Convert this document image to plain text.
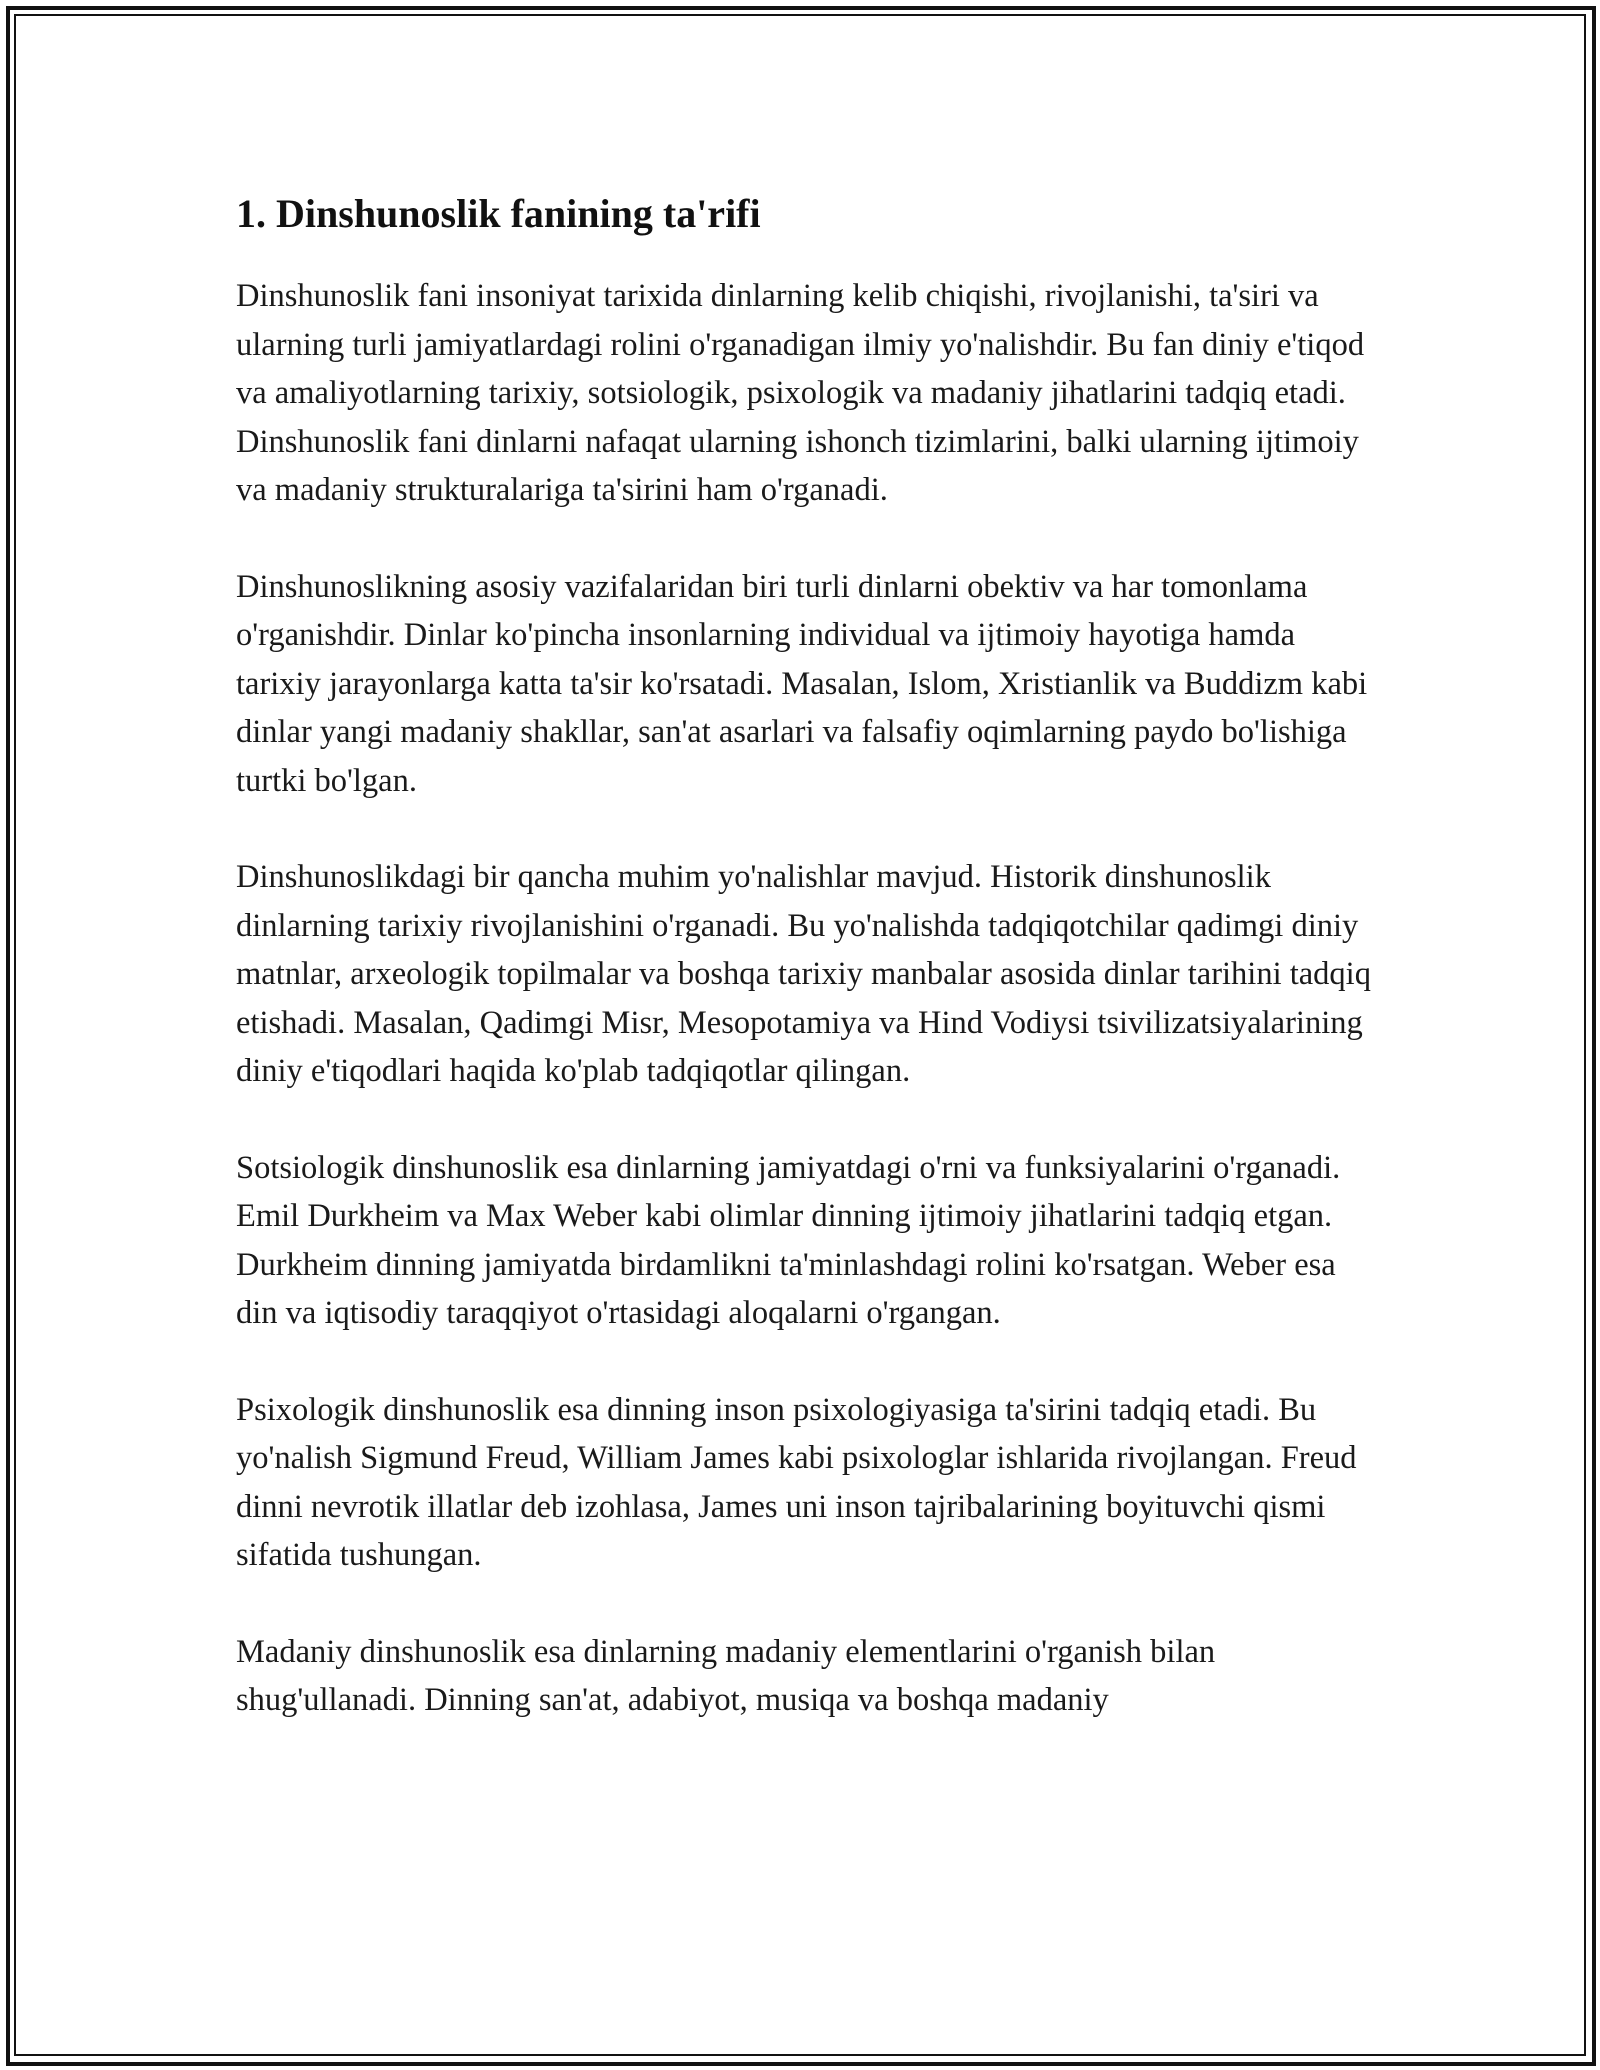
1. Dinshunoslik fanining ta'rifi

Dinshunoslik fani insoniyat tarixida dinlarning kelib chiqishi, rivojlanishi, ta'siri va ularning turli jamiyatlardagi rolini o'rganadigan ilmiy yo'nalishdir. Bu fan diniy e'tiqod va amaliyotlarning tarixiy, sotsiologik, psixologik va madaniy jihatlarini tadqiq etadi. Dinshunoslik fani dinlarni nafaqat ularning ishonch tizimlarini, balki ularning ijtimoiy va madaniy strukturalariga ta'sirini ham o'rganadi.

Dinshunoslikning asosiy vazifalaridan biri turli dinlarni obektiv va har tomonlama o'rganishdir. Dinlar ko'pincha insonlarning individual va ijtimoiy hayotiga hamda tarixiy jarayonlarga katta ta'sir ko'rsatadi. Masalan, Islom, Xristianlik va Buddizm kabi dinlar yangi madaniy shakllar, san'at asarlari va falsafiy oqimlarning paydo bo'lishiga turtki bo'lgan.

Dinshunoslikdagi bir qancha muhim yo'nalishlar mavjud. Historik dinshunoslik dinlarning tarixiy rivojlanishini o'rganadi. Bu yo'nalishda tadqiqotchilar qadimgi diniy matnlar, arxeologik topilmalar va boshqa tarixiy manbalar asosida dinlar tarihini tadqiq etishadi. Masalan, Qadimgi Misr, Mesopotamiya va Hind Vodiysi tsivilizatsiyalarining diniy e'tiqodlari haqida ko'plab tadqiqotlar qilingan.

Sotsiologik dinshunoslik esa dinlarning jamiyatdagi o'rni va funksiyalarini o'rganadi. Emil Durkheim va Max Weber kabi olimlar dinning ijtimoiy jihatlarini tadqiq etgan. Durkheim dinning jamiyatda birdamlikni ta'minlashdagi rolini ko'rsatgan. Weber esa din va iqtisodiy taraqqiyot o'rtasidagi aloqalarni o'rgangan.

Psixologik dinshunoslik esa dinning inson psixologiyasiga ta'sirini tadqiq etadi. Bu yo'nalish Sigmund Freud, William James kabi psixologlar ishlarida rivojlangan. Freud dinni nevrotik illatlar deb izohlasa, James uni inson tajribalarining boyituvchi qismi sifatida tushungan.

Madaniy dinshunoslik esa dinlarning madaniy elementlarini o'rganish bilan shug'ullanadi. Dinning san'at, adabiyot, musiqa va boshqa madaniy
